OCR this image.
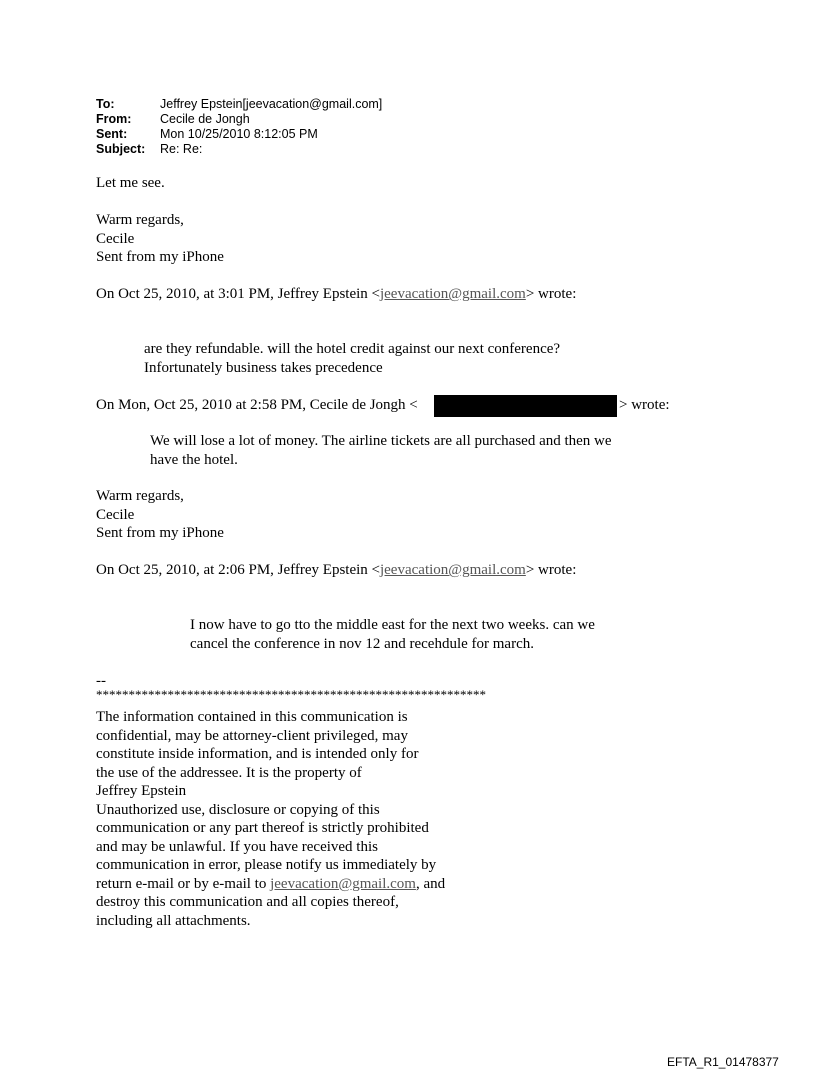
To:	Jeffrey Epstein[jeevacation@gmail.com]
From:	Cecile de Jongh
Sent:	Mon 10/25/2010 8:12:05 PM
Subject:	Re: Re:
Let me see.
Warm regards,
Cecile
Sent from my iPhone
On Oct 25, 2010, at 3:01 PM, Jeffrey Epstein <jeevacation@gmail.com> wrote:
are they refundable. will the hotel credit against our next conference?
Infortunately business takes precedence
On Mon, Oct 25, 2010 at 2:58 PM, Cecile de Jongh <	> wrote:
We will lose a lot of money. The airline tickets are all purchased and then we
have the hotel.
Warm regards,
Cecile
Sent from my iPhone
On Oct 25, 2010, at 2:06 PM, Jeffrey Epstein <jeevacation@gmail.com> wrote:
I now have to go tto the middle east for the next two weeks. can we
cancel the conference in nov 12 and recehdule for march.
--
************************************************************
The information contained in this communication is
confidential, may be attorney-client privileged, may
constitute inside information, and is intended only for
the use of the addressee. It is the property of
Jeffrey Epstein
Unauthorized use, disclosure or copying of this
communication or any part thereof is strictly prohibited
and may be unlawful. If you have received this
communication in error, please notify us immediately by
return e-mail or by e-mail to jeevacation@gmail.com, and
destroy this communication and all copies thereof,
including all attachments.
EFTA_R1_01478377
